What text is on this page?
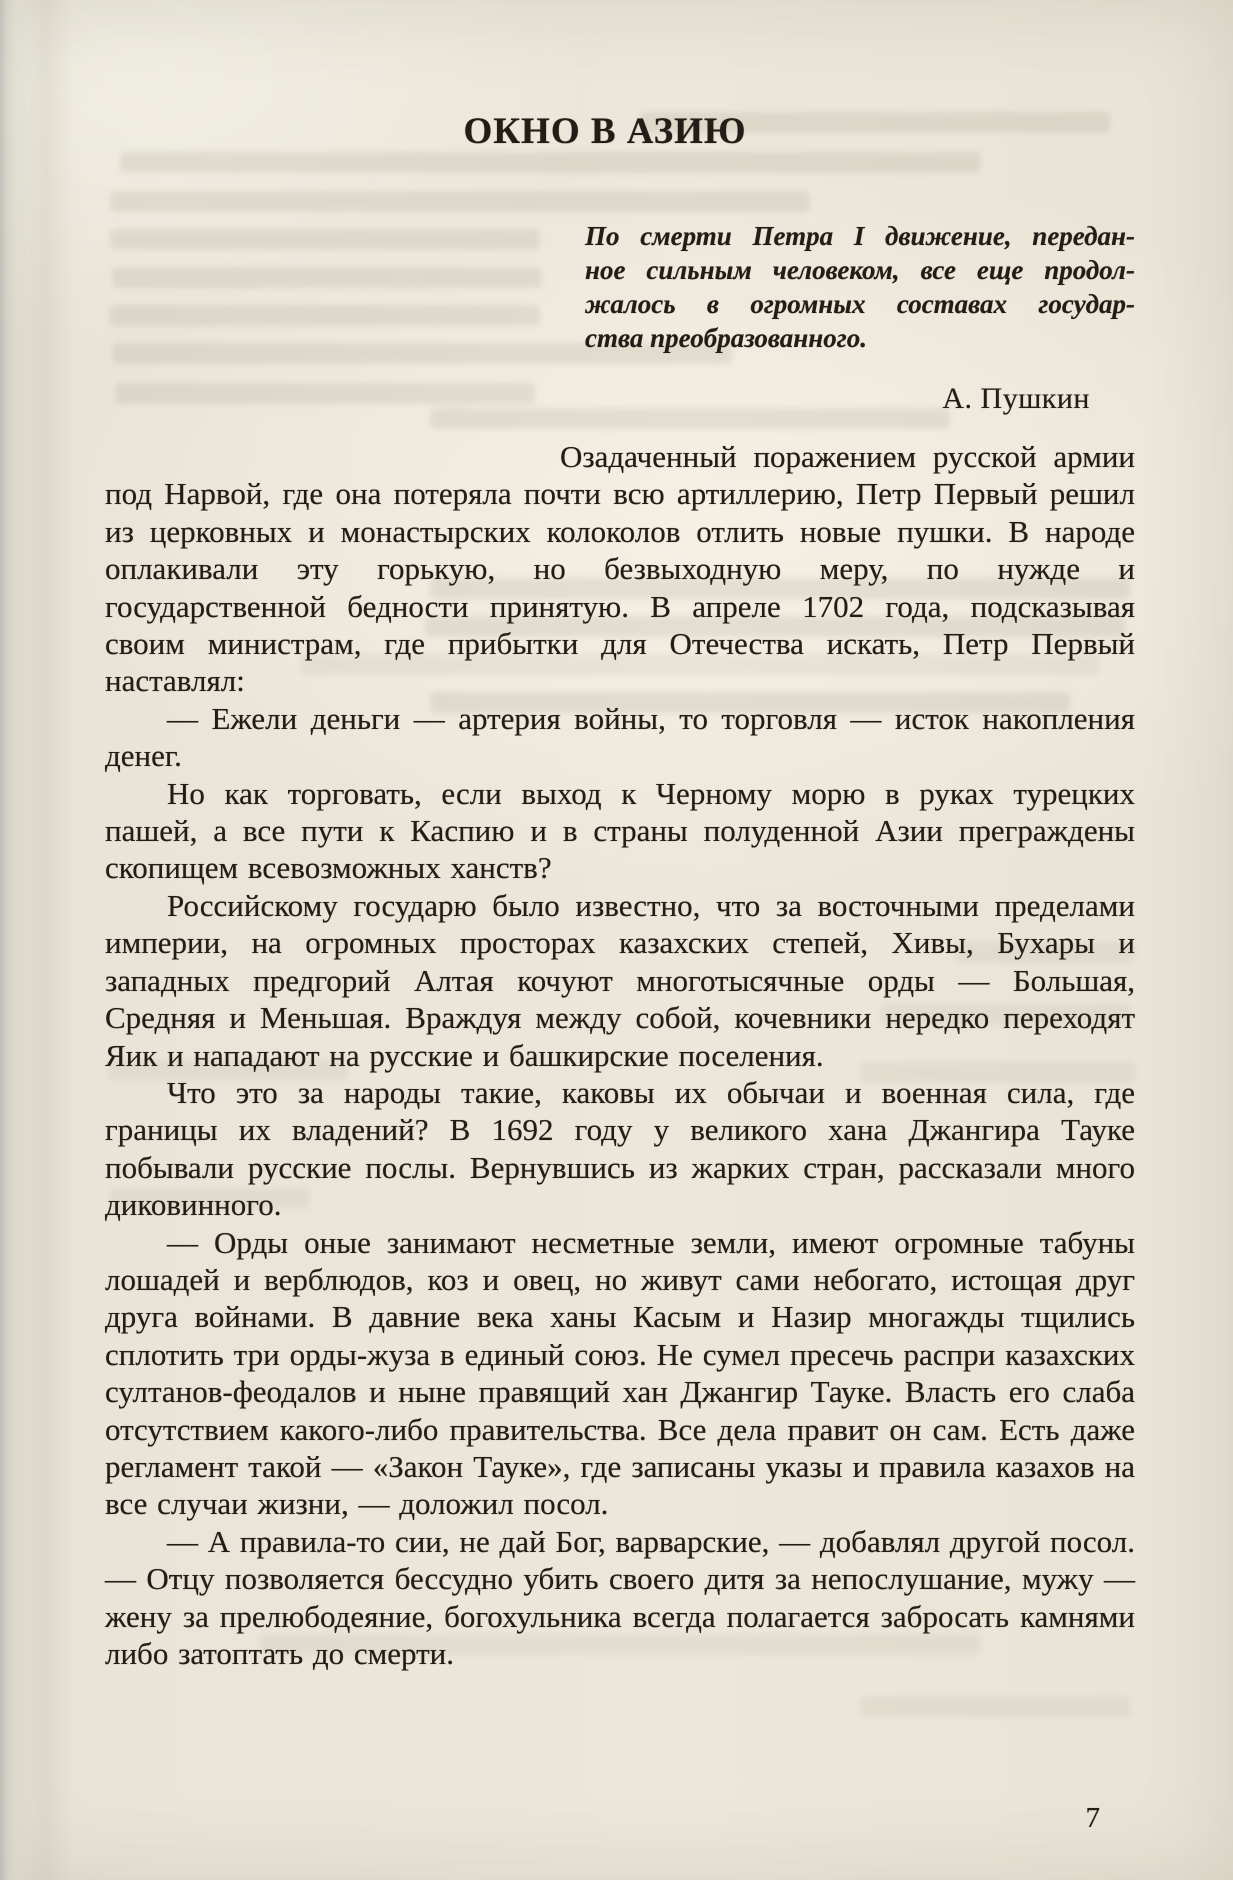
ОКНО В АЗИЮ
По смерти Петра I движение, передан-
ное сильным человеком, все еще продол-
жалось в огромных составах государ-
ства преобразованного.
А. Пушкин

Озадаченный поражением русской армии под Нарвой, где она потеряла почти всю артиллерию, Петр Первый решил из церковных и монастырских колоколов отлить новые пушки. В народе оплакивали эту горькую, но безвыходную меру, по нужде и государственной бедности принятую. В апреле 1702 года, подсказывая своим министрам, где прибытки для Отечества искать, Петр Первый наставлял:

— Ежели деньги — артерия войны, то торговля — исток накопления денег.

Но как торговать, если выход к Черному морю в руках турецких пашей, а все пути к Каспию и в страны полуденной Азии преграждены скопищем всевозможных ханств?

Российскому государю было известно, что за восточными пределами империи, на огромных просторах казахских степей, Хивы, Бухары и западных предгорий Алтая кочуют многотысячные орды — Большая, Средняя и Меньшая. Враждуя между собой, кочевники нередко переходят Яик и нападают на русские и башкирские поселения.

Что это за народы такие, каковы их обычаи и военная сила, где границы их владений? В 1692 году у великого хана Джангира Тауке побывали русские послы. Вернувшись из жарких стран, рассказали много диковинного.

— Орды оные занимают несметные земли, имеют огромные табуны лошадей и верблюдов, коз и овец, но живут сами небогато, истощая друг друга войнами. В давние века ханы Касым и Назир многажды тщились сплотить три орды-жуза в единый союз. Не сумел пресечь распри казахских султанов-феодалов и ныне правящий хан Джангир Тауке. Власть его слаба отсутствием какого-либо правительства. Все дела правит он сам. Есть даже регламент такой — «Закон Тауке», где записаны указы и правила казахов на все случаи жизни, — доложил посол.

— А правила-то сии, не дай Бог, варварские, — добавлял другой посол. — Отцу позволяется бессудно убить своего дитя за непослушание, мужу — жену за прелюбодеяние, богохульника всегда полагается забросать камнями либо затоптать до смерти.

7
